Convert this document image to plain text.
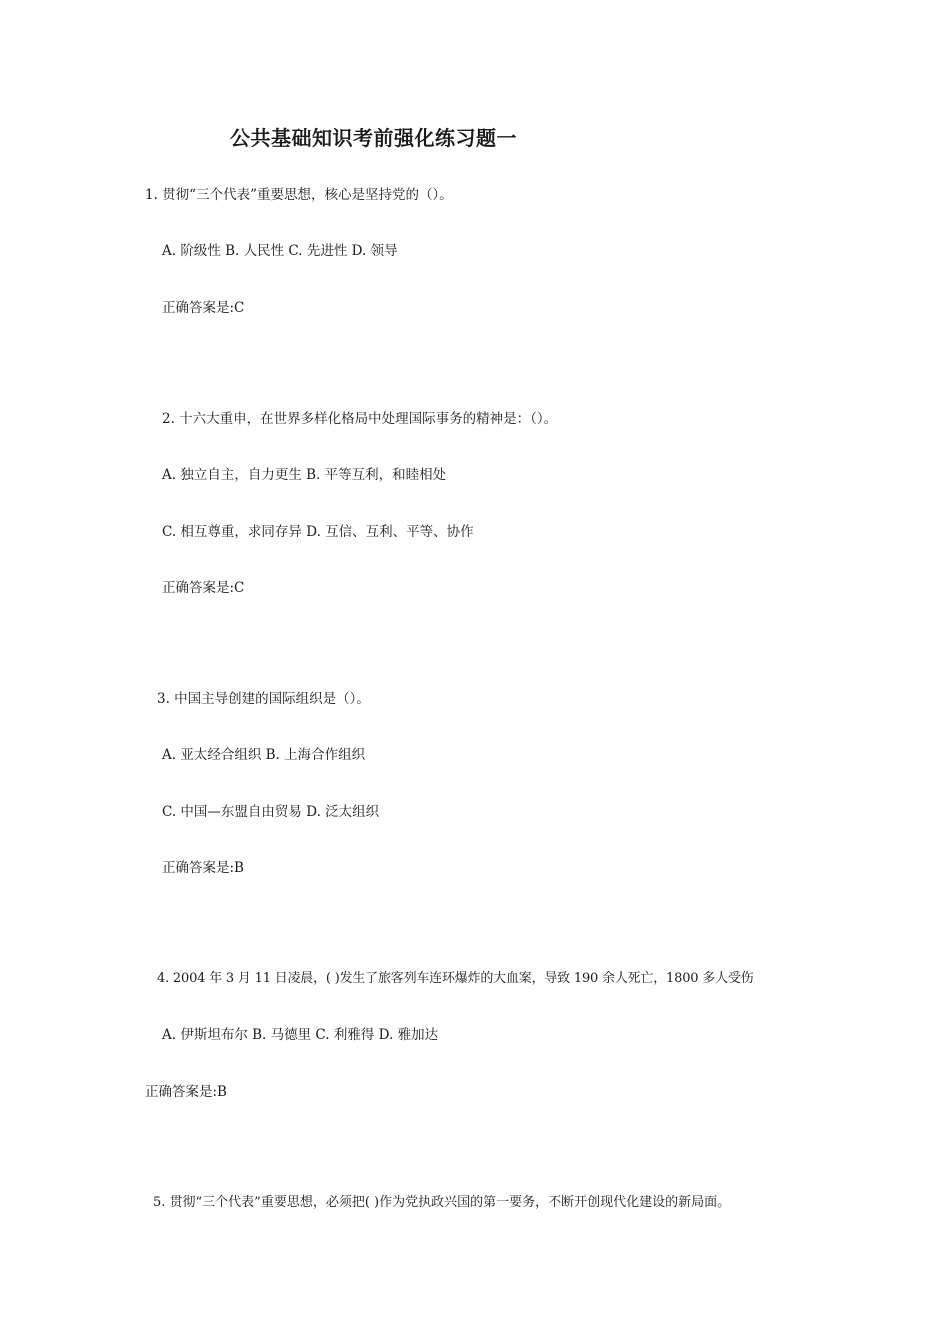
公共基础知识考前强化练习题一
1. 贯彻“三个代表”重要思想，核心是坚持党的（）。
A. 阶级性 B. 人民性 C. 先进性 D. 领导
正确答案是:C
2. 十六大重申，在世界多样化格局中处理国际事务的精神是：（）。
A. 独立自主，自力更生 B. 平等互利，和睦相处
C. 相互尊重，求同存异 D. 互信、互利、平等、协作
正确答案是:C
3. 中国主导创建的国际组织是（）。
A. 亚太经合组织 B. 上海合作组织
C. 中国—东盟自由贸易 D. 泛太组织
正确答案是:B
4. 2004 年 3 月 11 日凌晨，( )发生了旅客列车连环爆炸的大血案，导致 190 余人死亡，1800 多人受伤
A. 伊斯坦布尔 B. 马德里 C. 利雅得 D. 雅加达
正确答案是:B
5. 贯彻“三个代表”重要思想，必须把( )作为党执政兴国的第一要务，不断开创现代化建设的新局面。
